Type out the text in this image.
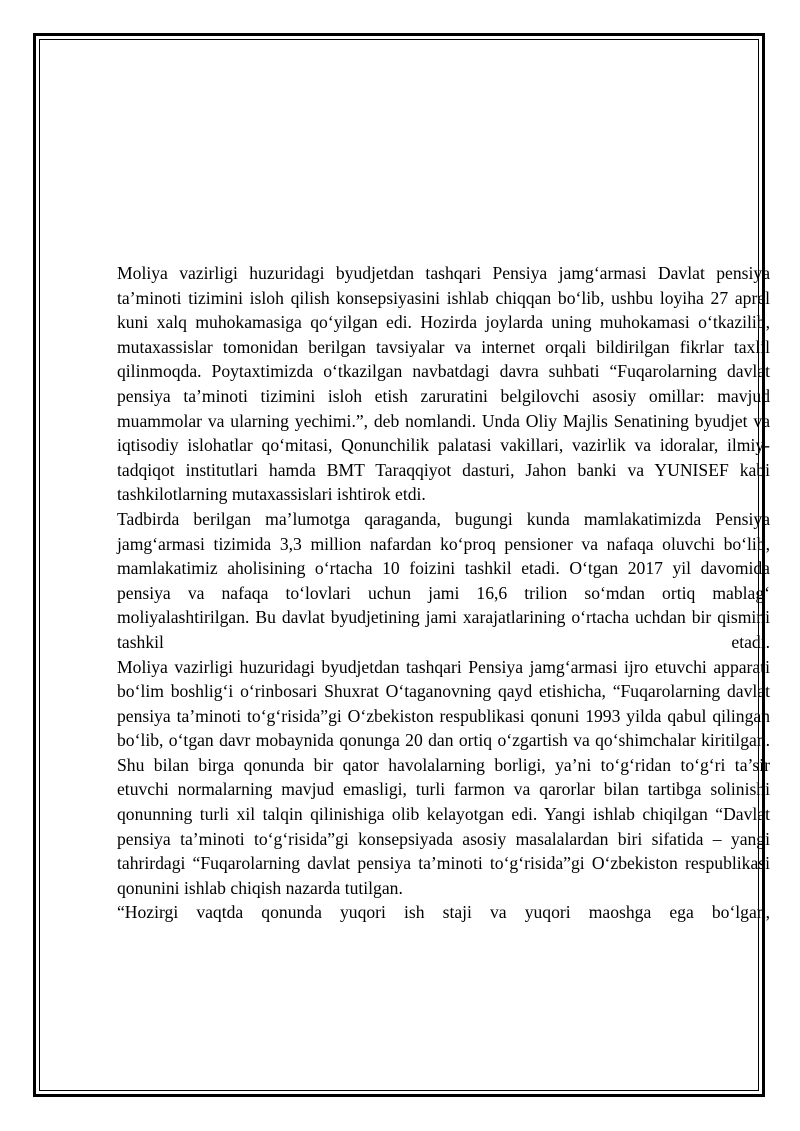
Moliya vazirligi huzuridagi byudjetdan tashqari Pensiya jamg‘armasi Davlat pensiya ta’minoti tizimini isloh qilish konsepsiyasini ishlab chiqqan bo‘lib, ushbu loyiha 27 aprel kuni xalq muhokamasiga qo‘yilgan edi. Hozirda joylarda uning muhokamasi o‘tkazilib, mutaxassislar tomonidan berilgan tavsiyalar va internet orqali bildirilgan fikrlar taxlil qilinmoqda. Poytaxtimizda o‘tkazilgan navbatdagi davra suhbati “Fuqarolarning davlat pensiya ta’minoti tizimini isloh etish zaruratini belgilovchi asosiy omillar: mavjud muammolar va ularning yechimi.”, deb nomlandi. Unda Oliy Majlis Senatining byudjet va iqtisodiy islohatlar qo‘mitasi, Qonunchilik palatasi vakillari, vazirlik va idoralar, ilmiy-tadqiqot institutlari hamda BMT Taraqqiyot dasturi, Jahon banki va YUNISEF kabi tashkilotlarning mutaxassislari ishtirok etdi.

Tadbirda berilgan ma’lumotga qaraganda, bugungi kunda mamlakatimizda Pensiya jamg‘armasi tizimida 3,3 million nafardan ko‘proq pensioner va nafaqa oluvchi bo‘lib, mamlakatimiz aholisining o‘rtacha 10 foizini tashkil etadi. O‘tgan 2017 yil davomida pensiya va nafaqa to‘lovlari uchun jami 16,6 trilion so‘mdan ortiq mablag‘ moliyalashtirilgan. Bu davlat byudjetining jami xarajatlarining o‘rtacha uchdan bir qismini tashkil etadi.

Moliya vazirligi huzuridagi byudjetdan tashqari Pensiya jamg‘armasi ijro etuvchi apparati bo‘lim boshlig‘i o‘rinbosari Shuxrat O‘taganovning qayd etishicha, “Fuqarolarning davlat pensiya ta’minoti to‘g‘risida”gi O‘zbekiston respublikasi qonuni 1993 yilda qabul qilingan bo‘lib, o‘tgan davr mobaynida qonunga 20 dan ortiq o‘zgartish va qo‘shimchalar kiritilgan. Shu bilan birga qonunda bir qator havolalarning borligi, ya’ni to‘g‘ridan to‘g‘ri ta’sir etuvchi normalarning mavjud emasligi, turli farmon va qarorlar bilan tartibga solinishi qonunning turli xil talqin qilinishiga olib kelayotgan edi. Yangi ishlab chiqilgan “Davlat pensiya ta’minoti to‘g‘risida”gi konsepsiyada asosiy masalalardan biri sifatida – yangi tahrirdagi “Fuqarolarning davlat pensiya ta’minoti to‘g‘risida”gi O‘zbekiston respublikasi qonunini ishlab chiqish nazarda tutilgan.

“Hozirgi vaqtda qonunda yuqori ish staji va yuqori maoshga ega bo‘lgan,
